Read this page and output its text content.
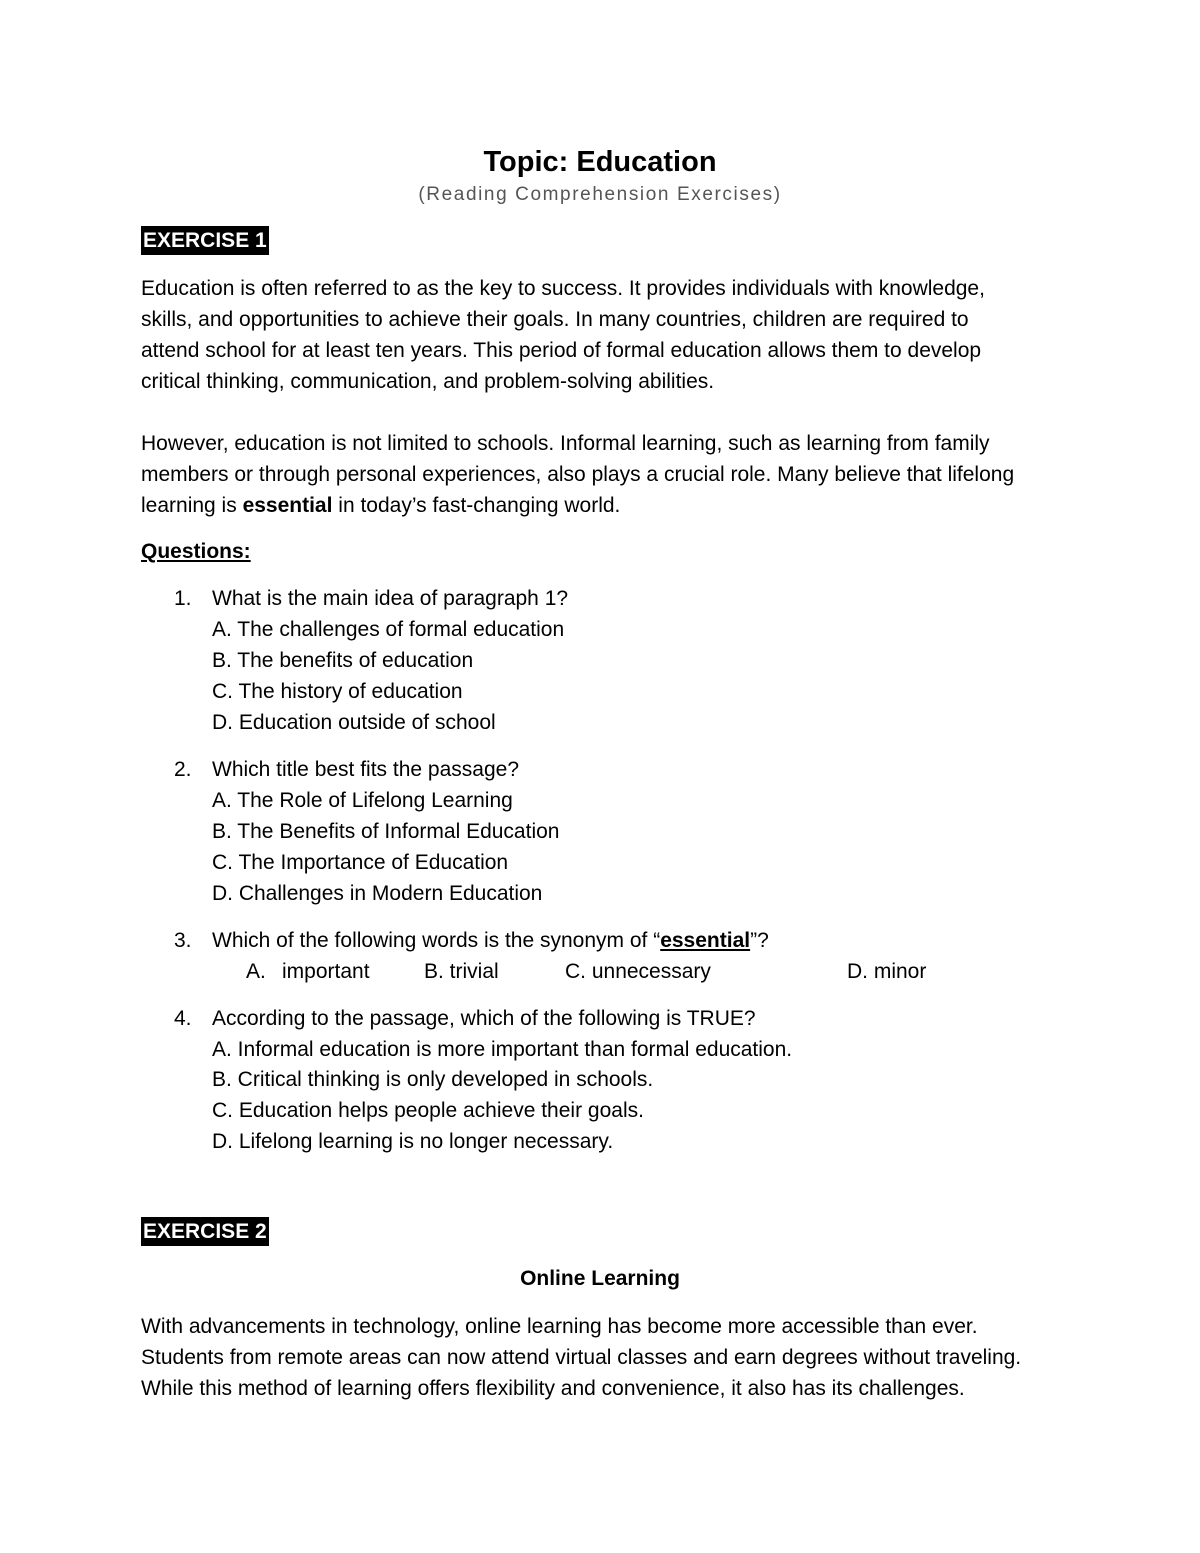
Topic: Education
(Reading Comprehension Exercises)
EXERCISE 1
Education is often referred to as the key to success. It provides individuals with knowledge,
skills, and opportunities to achieve their goals. In many countries, children are required to
attend school for at least ten years. This period of formal education allows them to develop
critical thinking, communication, and problem-solving abilities.
However, education is not limited to schools. Informal learning, such as learning from family
members or through personal experiences, also plays a crucial role. Many believe that lifelong
learning is essential in today’s fast-changing world.
Questions:
1. What is the main idea of paragraph 1?
A. The challenges of formal education
B. The benefits of education
C. The history of education
D. Education outside of school
2. Which title best fits the passage?
A. The Role of Lifelong Learning
B. The Benefits of Informal Education
C. The Importance of Education
D. Challenges in Modern Education
3. Which of the following words is the synonym of “essential”?
A. important	B. trivial	C. unnecessary	D. minor
4. According to the passage, which of the following is TRUE?
A. Informal education is more important than formal education.
B. Critical thinking is only developed in schools.
C. Education helps people achieve their goals.
D. Lifelong learning is no longer necessary.
EXERCISE 2
Online Learning
With advancements in technology, online learning has become more accessible than ever.
Students from remote areas can now attend virtual classes and earn degrees without traveling.
While this method of learning offers flexibility and convenience, it also has its challenges.
